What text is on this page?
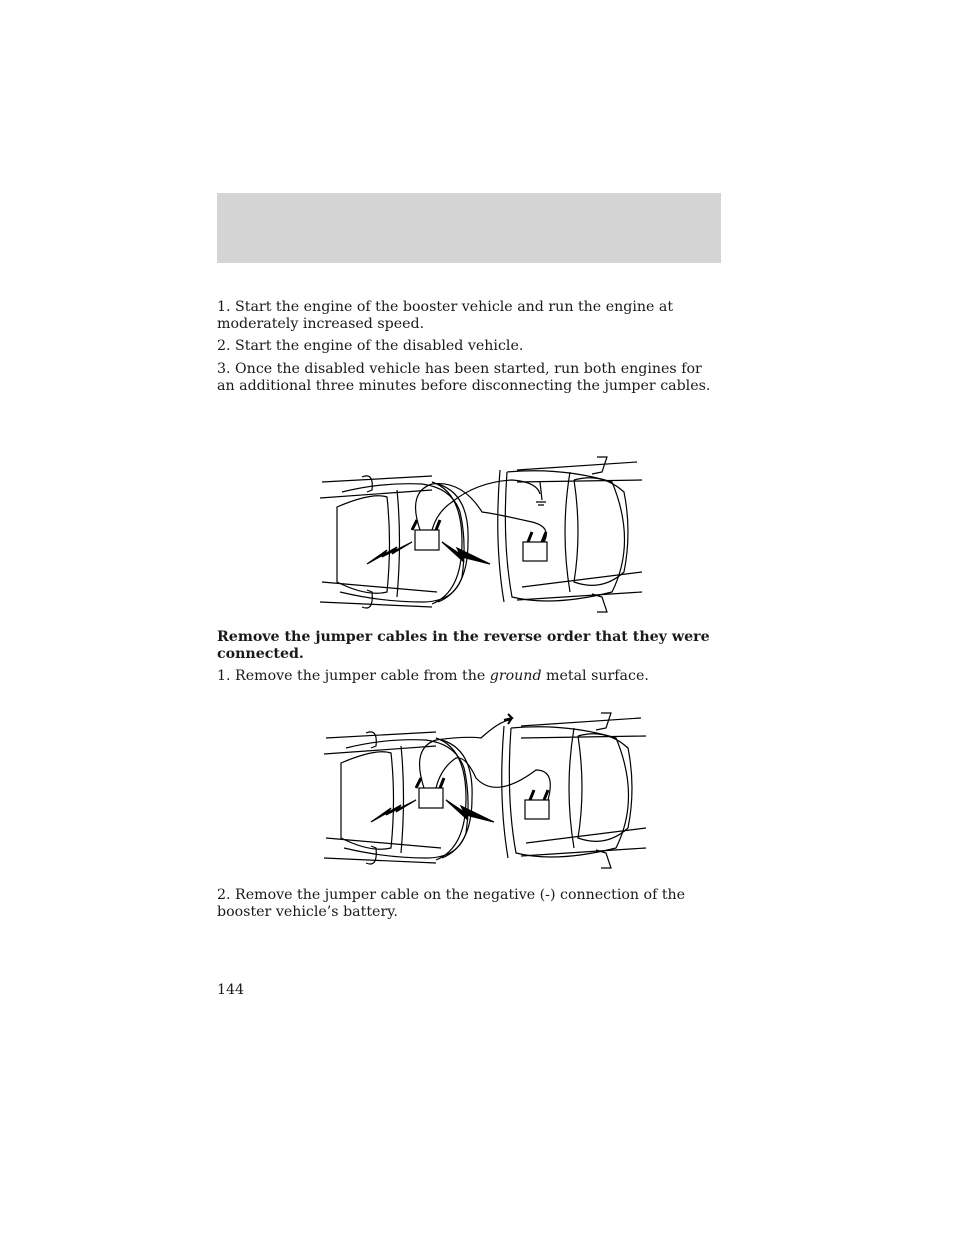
1. Start the engine of the booster vehicle and run the engine at moderately increased speed.

2. Start the engine of the disabled vehicle.

3. Once the disabled vehicle has been started, run both engines for an additional three minutes before disconnecting the jumper cables.

Remove the jumper cables in the reverse order that they were connected.

1. Remove the jumper cable from the ground metal surface.

2. Remove the jumper cable on the negative (-) connection of the booster vehicle’s battery.

144
